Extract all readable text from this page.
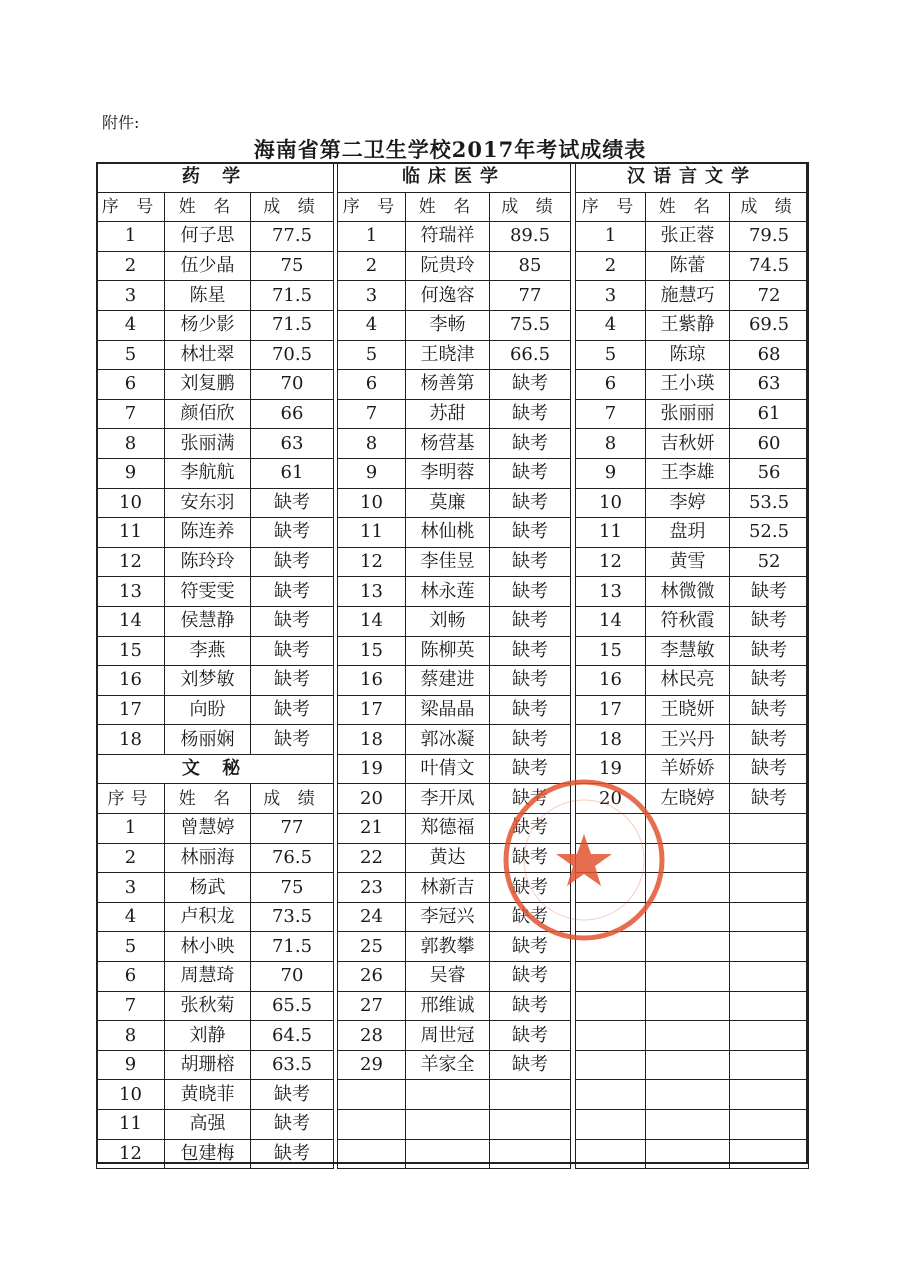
附件:
海南省第二卫生学校2017年考试成绩表
药 学		
序 号	姓 名	成 绩
1	何子思	77.5
2	伍少晶	75
3	陈星	71.5
4	杨少影	71.5
5	林壮翠	70.5
6	刘复鹏	70
7	颜佰欣	66
8	张丽满	63
9	李航航	61
10	安东羽	缺考
11	陈连养	缺考
12	陈玲玲	缺考
13	符雯雯	缺考
14	侯慧静	缺考
15	李燕	缺考
16	刘梦敏	缺考
17	向盼	缺考
18	杨丽娴	缺考
文 秘		
序号	姓 名	成 绩
1	曾慧婷	77
2	林丽海	76.5
3	杨武	75
4	卢积龙	73.5
5	林小映	71.5
6	周慧琦	70
7	张秋菊	65.5
8	刘静	64.5
9	胡珊榕	63.5
10	黄晓菲	缺考
11	高强	缺考
12	包建梅	缺考
临床医学		
序 号	姓 名	成 绩
1	符瑞祥	89.5
2	阮贵玲	85
3	何逸容	77
4	李畅	75.5
5	王晓津	66.5
6	杨善第	缺考
7	苏甜	缺考
8	杨营基	缺考
9	李明蓉	缺考
10	莫廉	缺考
11	林仙桃	缺考
12	李佳昱	缺考
13	林永莲	缺考
14	刘畅	缺考
15	陈柳英	缺考
16	蔡建进	缺考
17	梁晶晶	缺考
18	郭冰凝	缺考
19	叶倩文	缺考
20	李开凤	缺考
21	郑德福	缺考
22	黄达	缺考
23	林新吉	缺考
24	李冠兴	缺考
25	郭教攀	缺考
26	吴睿	缺考
27	邢维诚	缺考
28	周世冠	缺考
29	羊家全	缺考

汉语言文学		
序 号	姓 名	成 绩
1	张正蓉	79.5
2	陈蕾	74.5
3	施慧巧	72
4	王紫静	69.5
5	陈琼	68
6	王小瑛	63
7	张丽丽	61
8	吉秋妍	60
9	王李雄	56
10	李婷	53.5
11	盘玥	52.5
12	黄雪	52
13	林微微	缺考
14	符秋霞	缺考
15	李慧敏	缺考
16	林民亮	缺考
17	王晓妍	缺考
18	王兴丹	缺考
19	羊娇娇	缺考
20	左晓婷	缺考
